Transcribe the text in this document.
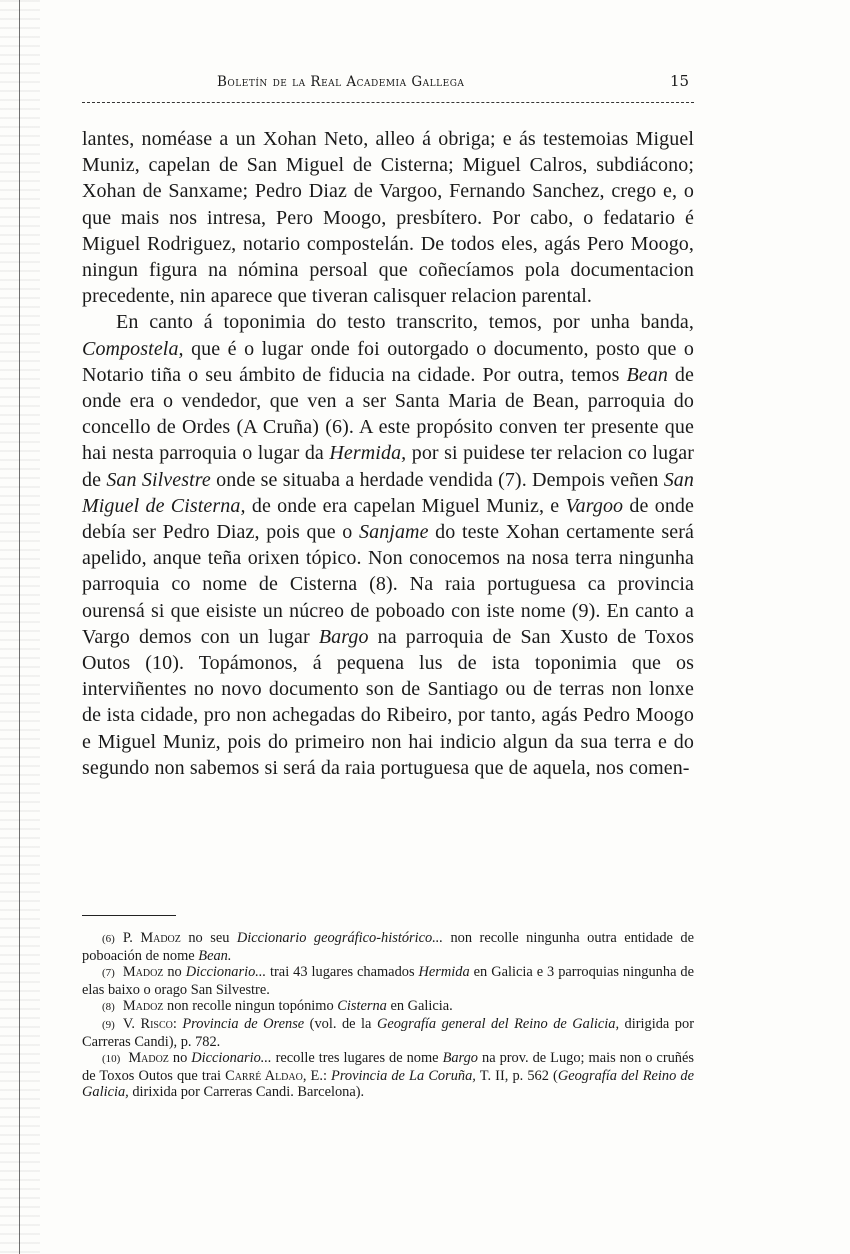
Boletín de la Real Academia Gallega	15

lantes, noméase a un Xohan Neto, alleo á obriga; e ás testemoias Miguel Muniz, capelan de San Miguel de Cisterna; Miguel Calros, subdiácono; Xohan de Sanxame; Pedro Diaz de Vargoo, Fernando Sanchez, crego e, o que mais nos intresa, Pero Moogo, presbítero. Por cabo, o fedatario é Miguel Rodriguez, notario compostelán. De todos eles, agás Pero Moogo, ningun figura na nómina persoal que coñecíamos pola documentacion precedente, nin aparece que tiveran calisquer relacion parental.

En canto á toponimia do testo transcrito, temos, por unha banda, Compostela, que é o lugar onde foi outorgado o documento, posto que o Notario tiña o seu ámbito de fiducia na cidade. Por outra, temos Bean de onde era o vendedor, que ven a ser Santa Maria de Bean, parroquia do concello de Ordes (A Cruña) (6). A este propósito conven ter presente que hai nesta parroquia o lugar da Hermida, por si puidese ter relacion co lugar de San Silvestre onde se situaba a herdade vendida (7). Dempois veñen San Miguel de Cisterna, de onde era capelan Miguel Muniz, e Vargoo de onde debía ser Pedro Diaz, pois que o Sanjame do teste Xohan certamente será apelido, anque teña orixen tópico. Non conocemos na nosa terra ningunha parroquia co nome de Cisterna (8). Na raia portuguesa ca provincia ourensá si que eisiste un núcreo de poboado con iste nome (9). En canto a Vargo demos con un lugar Bargo na parroquia de San Xusto de Toxos Outos (10). Topámonos, á pequena lus de ista toponimia que os interviñentes no novo documento son de Santiago ou de terras non lonxe de ista cidade, pro non achegadas do Ribeiro, por tanto, agás Pedro Moogo e Miguel Muniz, pois do primeiro non hai indicio algun da sua terra e do segundo non sabemos si será da raia portuguesa que de aquela, nos comen-

(6) P. Madoz no seu Diccionario geográfico-histórico... non recolle ningunha outra entidade de poboación de nome Bean.

(7) Madoz no Diccionario... trai 43 lugares chamados Hermida en Galicia e 3 parroquias ningunha de elas baixo o orago San Silvestre.

(8) Madoz non recolle ningun topónimo Cisterna en Galicia.

(9) V. Risco: Provincia de Orense (vol. de la Geografía general del Reino de Galicia, dirigida por Carreras Candi), p. 782.

(10) Madoz no Diccionario... recolle tres lugares de nome Bargo na prov. de Lugo; mais non o cruñés de Toxos Outos que trai Carré Aldao, E.: Provincia de La Coruña, T. II, p. 562 (Geografía del Reino de Galicia, dirixida por Carreras Candi. Barcelona).
